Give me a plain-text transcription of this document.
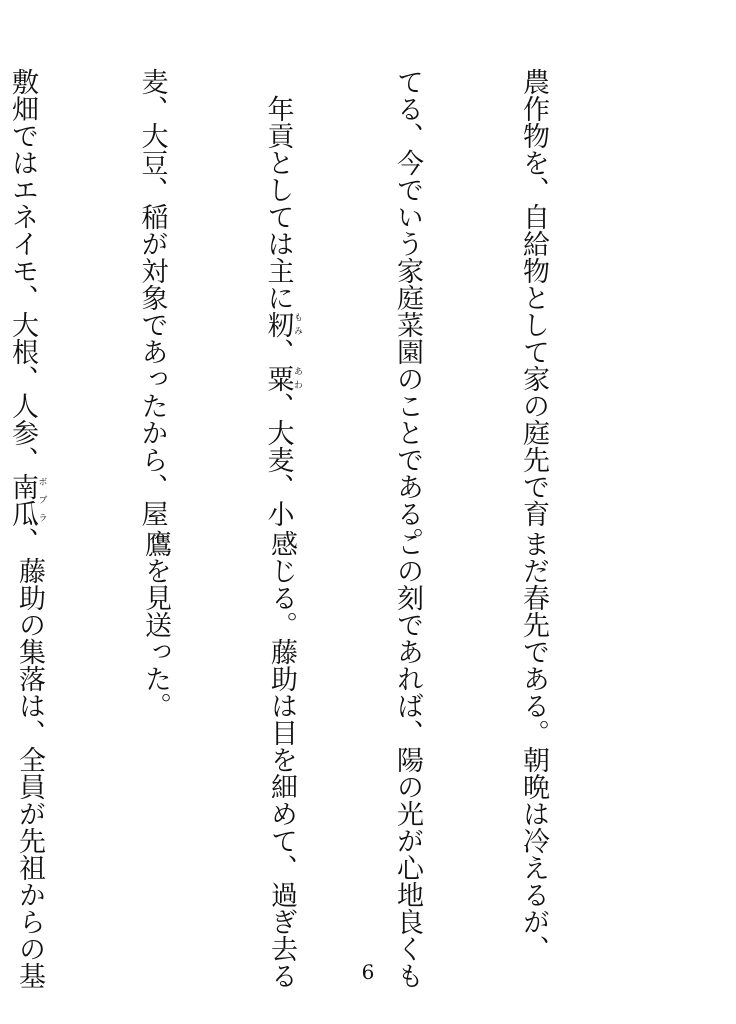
農作物を、自給物として家の庭先で育

てる、今でいう家庭菜園のことである。

年貢としては主に籾もみ、粟あわ、大麦、小

麦、大豆、稲が対象であったから、屋

敷畑ではエネイモ、大根、人参、南瓜ボブラ、

	まだ春先である。朝晩は冷えるが、

この刻であれば、陽の光が心地良くも

感じる。藤助は目を細めて、過ぎ去る

鷹を見送った。

藤助の集落は、全員が先祖からの基

	6
